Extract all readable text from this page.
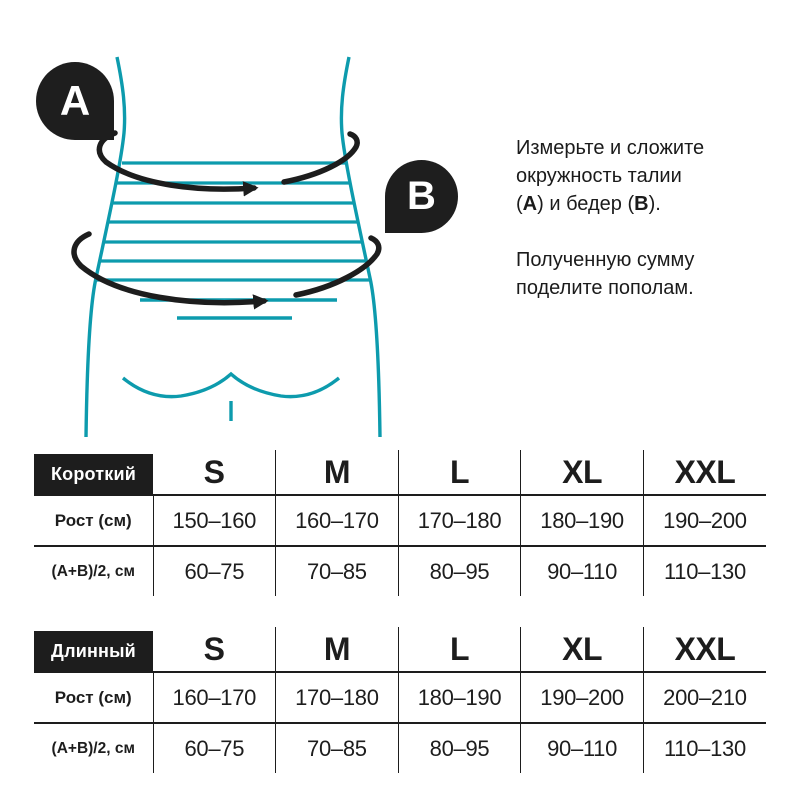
A
B
Измерьте и сложите
окружность талии
(А) и бедер (В).
Полученную сумму
поделите пополам.
Короткий	S	M	L	XL	XXL
Рост (см)	150–160	160–170	170–180	180–190	190–200
(А+В)/2, см	60–75	70–85	80–95	90–110	110–130
Длинный	S	M	L	XL	XXL
Рост (см)	160–170	170–180	180–190	190–200	200–210
(А+В)/2, см	60–75	70–85	80–95	90–110	110–130
